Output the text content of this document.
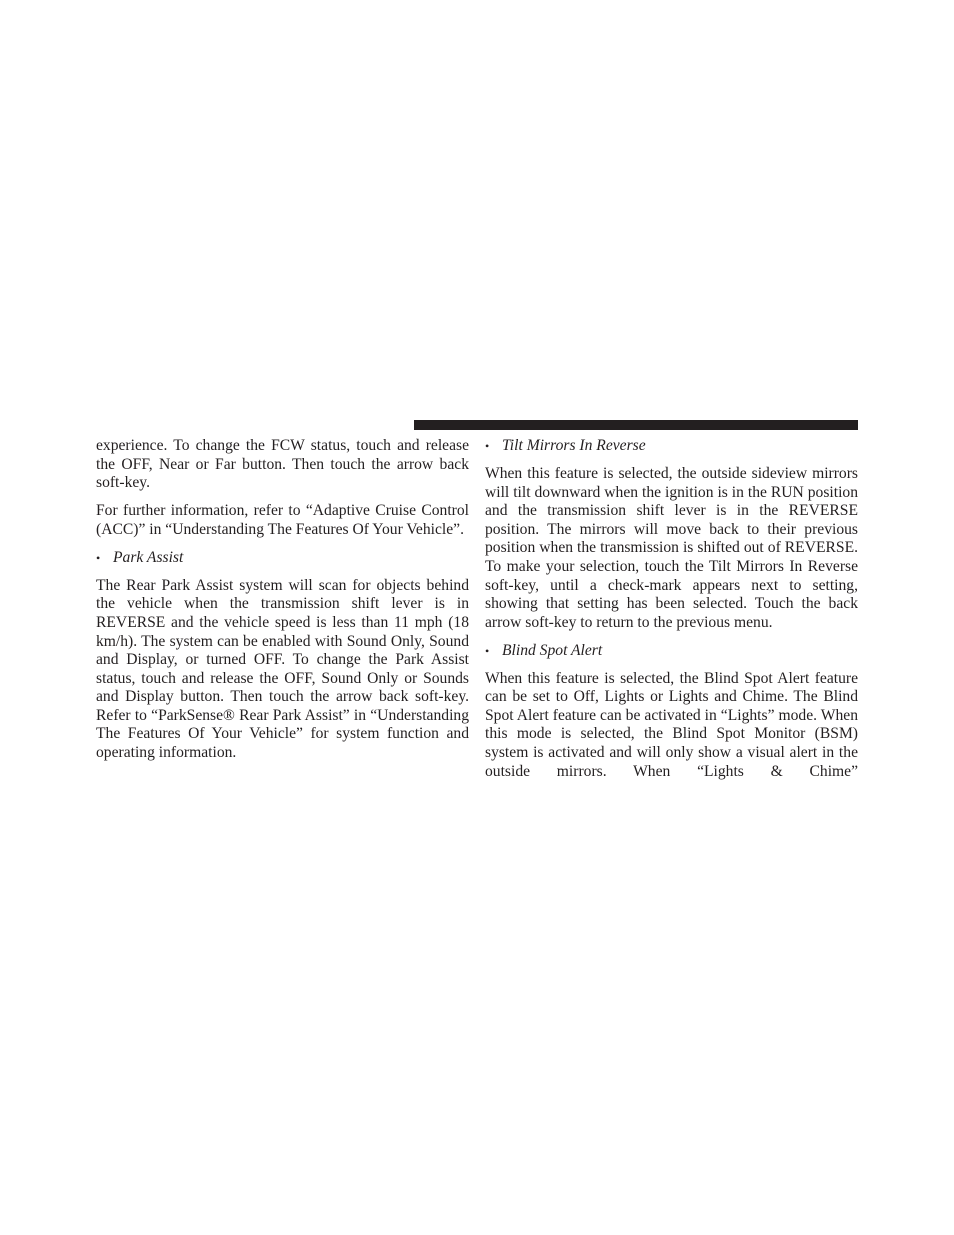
experience. To change the FCW status, touch and release the OFF, Near or Far button. Then touch the arrow back soft-key.

For further information, refer to “Adaptive Cruise Control (ACC)” in “Understanding The Features Of Your Vehicle”.

• Park Assist

The Rear Park Assist system will scan for objects behind the vehicle when the transmission shift lever is in REVERSE and the vehicle speed is less than 11 mph (18 km/h). The system can be enabled with Sound Only, Sound and Display, or turned OFF. To change the Park Assist status, touch and release the OFF, Sound Only or Sounds and Display button. Then touch the arrow back soft-key. Refer to “ParkSense® Rear Park Assist” in “Understanding The Features Of Your Vehicle” for system function and operating information.

• Tilt Mirrors In Reverse

When this feature is selected, the outside sideview mirrors will tilt downward when the ignition is in the RUN position and the transmission shift lever is in the REVERSE position. The mirrors will move back to their previous position when the transmission is shifted out of REVERSE. To make your selection, touch the Tilt Mirrors In Reverse soft-key, until a check-mark appears next to setting, showing that setting has been selected. Touch the back arrow soft-key to return to the previous menu.

• Blind Spot Alert

When this feature is selected, the Blind Spot Alert feature can be set to Off, Lights or Lights and Chime. The Blind Spot Alert feature can be activated in “Lights” mode. When this mode is selected, the Blind Spot Monitor (BSM) system is activated and will only show a visual alert in the outside mirrors. When “Lights & Chime”
